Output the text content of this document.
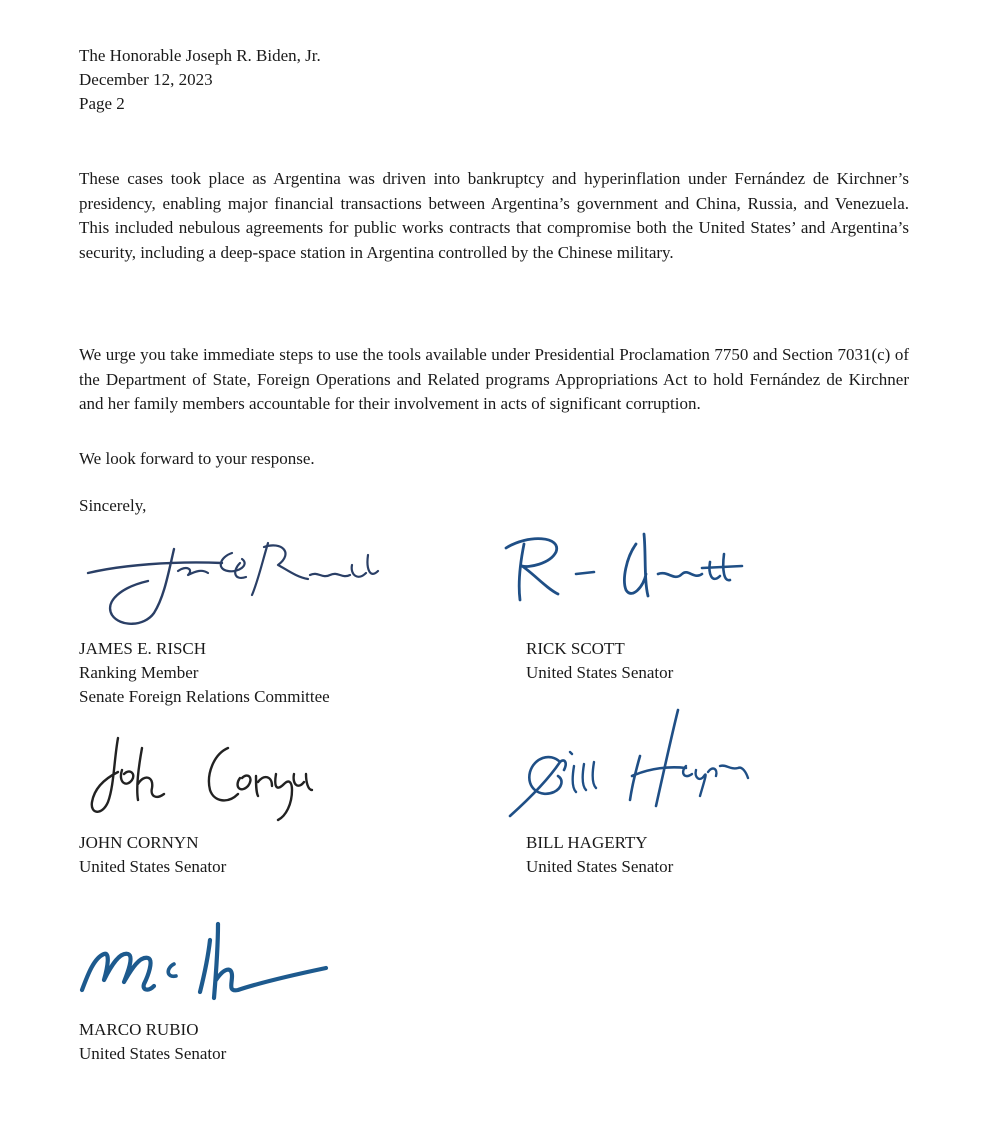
The Honorable Joseph R. Biden, Jr.
December 12, 2023
Page 2

These cases took place as Argentina was driven into bankruptcy and hyperinflation under Fernández de Kirchner’s presidency, enabling major financial transactions between Argentina’s government and China, Russia, and Venezuela. This included nebulous agreements for public works contracts that compromise both the United States’ and Argentina’s security, including a deep-space station in Argentina controlled by the Chinese military.

We urge you take immediate steps to use the tools available under Presidential Proclamation 7750 and Section 7031(c) of the Department of State, Foreign Operations and Related programs Appropriations Act to hold Fernández de Kirchner and her family members accountable for their involvement in acts of significant corruption.

We look forward to your response.

Sincerely,

JAMES E. RISCH
Ranking Member
Senate Foreign Relations Committee
RICK SCOTT
United States Senator
JOHN CORNYN
United States Senator
BILL HAGERTY
United States Senator
MARCO RUBIO
United States Senator
